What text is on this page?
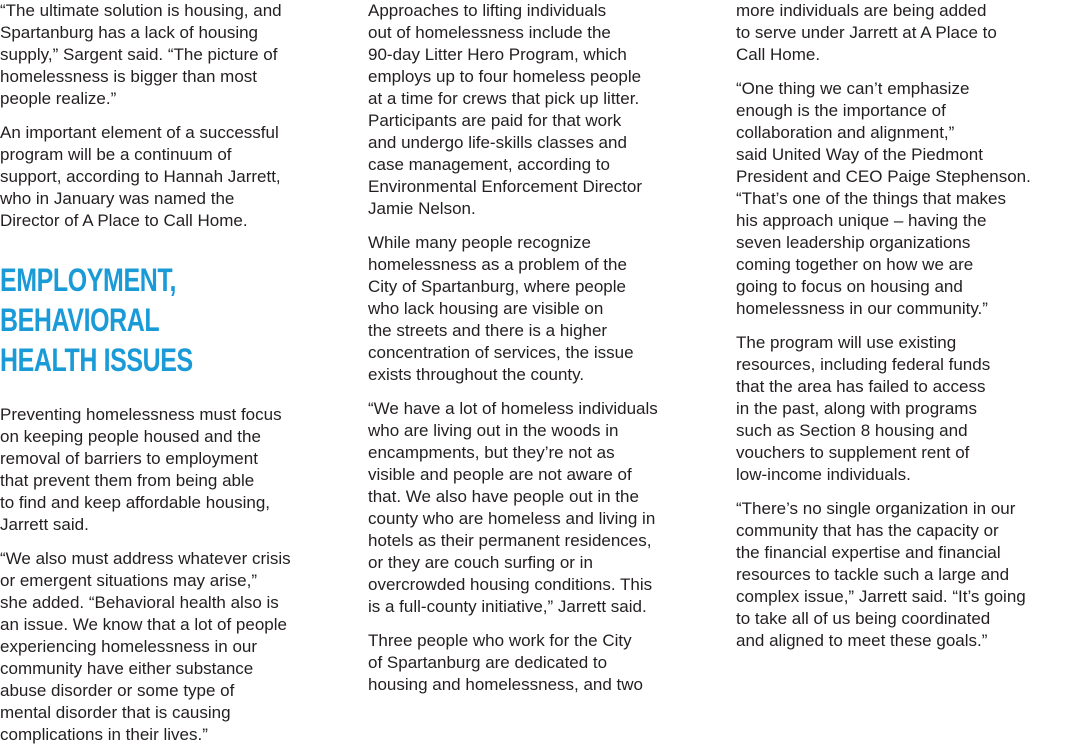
“The ultimate solution is housing, and
Spartanburg has a lack of housing
supply,” Sargent said. “The picture of
homelessness is bigger than most
people realize.”

An important element of a successful
program will be a continuum of
support, according to Hannah Jarrett,
who in January was named the
Director of A Place to Call Home.

EMPLOYMENT, BEHAVIORAL
HEALTH ISSUES

Preventing homelessness must focus
on keeping people housed and the
removal of barriers to employment
that prevent them from being able
to find and keep affordable housing,
Jarrett said.

“We also must address whatever crisis
or emergent situations may arise,”
she added. “Behavioral health also is
an issue. We know that a lot of people
experiencing homelessness in our
community have either substance
abuse disorder or some type of
mental disorder that is causing
complications in their lives.”

Approaches to lifting individuals
out of homelessness include the
90-day Litter Hero Program, which
employs up to four homeless people
at a time for crews that pick up litter.
Participants are paid for that work
and undergo life-skills classes and
case management, according to
Environmental Enforcement Director
Jamie Nelson.

While many people recognize
homelessness as a problem of the
City of Spartanburg, where people
who lack housing are visible on
the streets and there is a higher
concentration of services, the issue
exists throughout the county.

“We have a lot of homeless individuals
who are living out in the woods in
encampments, but they’re not as
visible and people are not aware of
that. We also have people out in the
county who are homeless and living in
hotels as their permanent residences,
or they are couch surfing or in
overcrowded housing conditions. This
is a full-county initiative,” Jarrett said.

Three people who work for the City
of Spartanburg are dedicated to
housing and homelessness, and two

more individuals are being added
to serve under Jarrett at A Place to
Call Home.

“One thing we can’t emphasize
enough is the importance of
collaboration and alignment,”
said United Way of the Piedmont
President and CEO Paige Stephenson.
“That’s one of the things that makes
his approach unique – having the
seven leadership organizations
coming together on how we are
going to focus on housing and
homelessness in our community.”

The program will use existing
resources, including federal funds
that the area has failed to access
in the past, along with programs
such as Section 8 housing and
vouchers to supplement rent of
low-income individuals.

“There’s no single organization in our
community that has the capacity or
the financial expertise and financial
resources to tackle such a large and
complex issue,” Jarrett said. “It’s going
to take all of us being coordinated
and aligned to meet these goals.”
